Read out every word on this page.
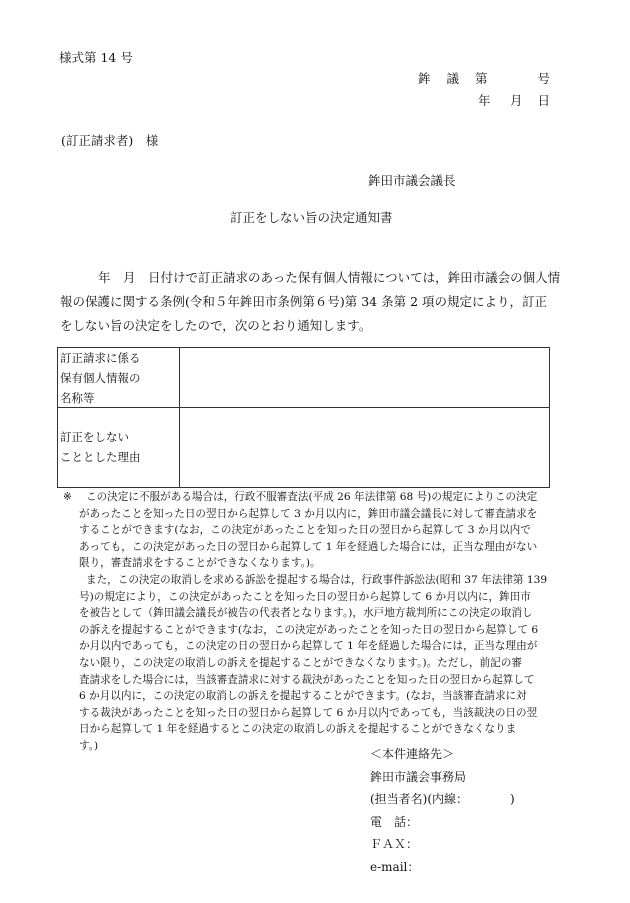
様式第 14 号
鉾 議 第	号
年 月 日
(訂正請求者)　様
鉾田市議会議長
訂正をしない旨の決定通知書
年　月　日付けで訂正請求のあった保有個人情報については，鉾田市議会の個人情
報の保護に関する条例(令和５年鉾田市条例第６号)第 34 条第 2 項の規定により，訂正
をしない旨の決定をしたので，次のとおり通知します。
訂正請求に係る
保有個人情報の
名称等
訂正をしない
こととした理由
※	この決定に不服がある場合は，行政不服審査法(平成 26 年法律第 68 号)の規定によりこの決定
があったことを知った日の翌日から起算して 3 か月以内に，鉾田市議会議長に対して審査請求を
することができます(なお，この決定があったことを知った日の翌日から起算して 3 か月以内で
あっても，この決定があった日の翌日から起算して 1 年を経過した場合には，正当な理由がない
限り，審査請求をすることができなくなります。)。
また，この決定の取消しを求める訴訟を提起する場合は，行政事件訴訟法(昭和 37 年法律第 139
号)の規定により，この決定があったことを知った日の翌日から起算して 6 か月以内に，鉾田市
を被告として（鉾田議会議長が被告の代表者となります。)，水戸地方裁判所にこの決定の取消し
の訴えを提起することができます(なお，この決定があったことを知った日の翌日から起算して 6
か月以内であっても，この決定の日の翌日から起算して 1 年を経過した場合には，正当な理由が
ない限り，この決定の取消しの訴えを提起することができなくなります。)。ただし，前記の審
査請求をした場合には，当該審査請求に対する裁決があったことを知った日の翌日から起算して
6 か月以内に，この決定の取消しの訴えを提起することができます。(なお，当該審査請求に対
する裁決があったことを知った日の翌日から起算して 6 か月以内であっても，当該裁決の日の翌
日から起算して 1 年を経過するとこの決定の取消しの訴えを提起することができなくなりま
す。)
＜本件連絡先＞
鉾田市議会事務局
(担当者名)(内線：　　　　)
電　話：
ＦＡＸ：
e-mail：
